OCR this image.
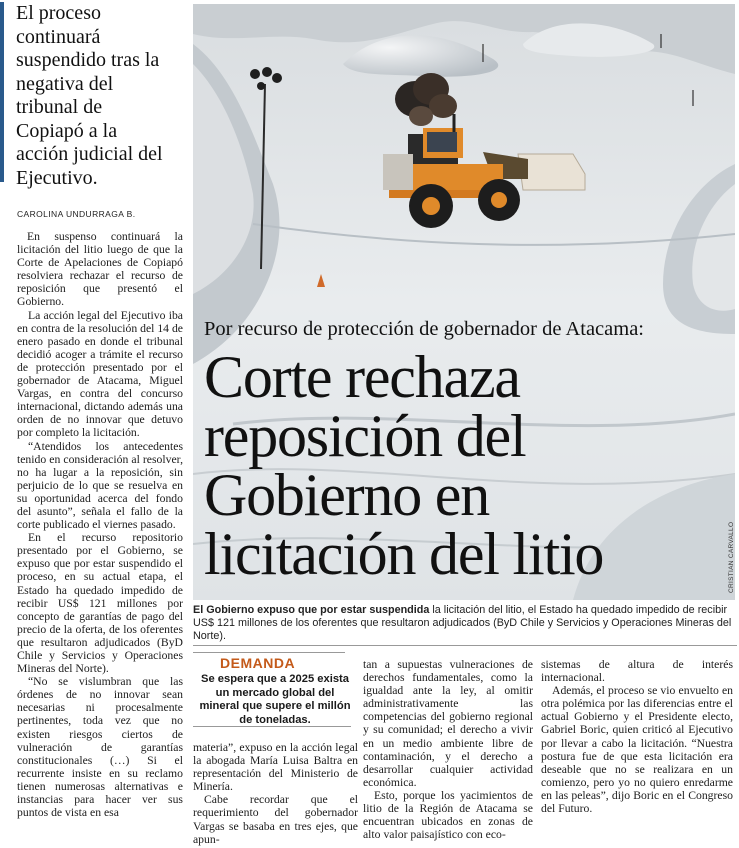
El proceso

continuará

suspendido tras la

negativa del

tribunal de

Copiapó a la

acción judicial del

Ejecutivo.

CAROLINA UNDURRAGA B.

En suspenso continuará la licitación del litio luego de que la Corte de Apelaciones de Copiapó resolviera rechazar el recurso de reposición que presentó el Gobierno.

La acción legal del Ejecutivo iba en contra de la resolución del 14 de enero pasado en donde el tribunal decidió acoger a trámite el recurso de protección presentado por el gobernador de Atacama, Miguel Vargas, en contra del concurso internacional, dictando además una orden de no innovar que detuvo por completo la licitación.

“Atendidos los antecedentes tenido en consideración al resolver, no ha lugar a la reposición, sin perjuicio de lo que se resuelva en su oportunidad acerca del fondo del asunto”, señala el fallo de la corte publicado el viernes pasado.

En el recurso repositorio presentado por el Gobierno, se expuso que por estar suspendido el proceso, en su actual etapa, el Estado ha quedado impedido de recibir US$ 121 millones por concepto de garantías de pago del precio de la oferta, de los oferentes que resultaron adjudicados (ByD Chile y Servicios y Operaciones Mineras del Norte).

“No se vislumbran que las órdenes de no innovar sean necesarias ni procesalmente pertinentes, toda vez que no existen riesgos ciertos de vulneración de garantías constitucionales (…) Si el recurrente insiste en su reclamo tienen numerosas alternativas e instancias para hacer ver sus puntos de vista en esa

Por recurso de protección de gobernador de Atacama:

Corte rechaza

reposición del

Gobierno en

licitación del litio	CRISTIAN CARVALLO
El Gobierno expuso que por estar suspendida la licitación del litio, el Estado ha quedado impedido de recibir US$ 121 millones de los oferentes que resultaron adjudicados (ByD Chile y Servicios y Operaciones Mineras del Norte).
DEMANDA
Se espera que a 2025 exista un mercado global del mineral que supere el millón de toneladas.

materia”, expuso en la acción legal la abogada María Luisa Baltra en representación del Ministerio de Minería.

Cabe recordar que el requerimiento del gobernador Vargas se basaba en tres ejes, que apun-

tan a supuestas vulneraciones de derechos fundamentales, como la igualdad ante la ley, al omitir administrativamente las competencias del gobierno regional y su comunidad; el derecho a vivir en un medio ambiente libre de contaminación, y el derecho a desarrollar cualquier actividad económica.

Esto, porque los yacimientos de litio de la Región de Atacama se encuentran ubicados en zonas de alto valor paisajístico con eco-

sistemas de altura de interés internacional.

Además, el proceso se vio envuelto en otra polémica por las diferencias entre el actual Gobierno y el Presidente electo, Gabriel Boric, quien criticó al Ejecutivo por llevar a cabo la licitación. “Nuestra postura fue de que esta licitación era deseable que no se realizara en un comienzo, pero yo no quiero enredarme en las peleas”, dijo Boric en el Congreso del Futuro.
